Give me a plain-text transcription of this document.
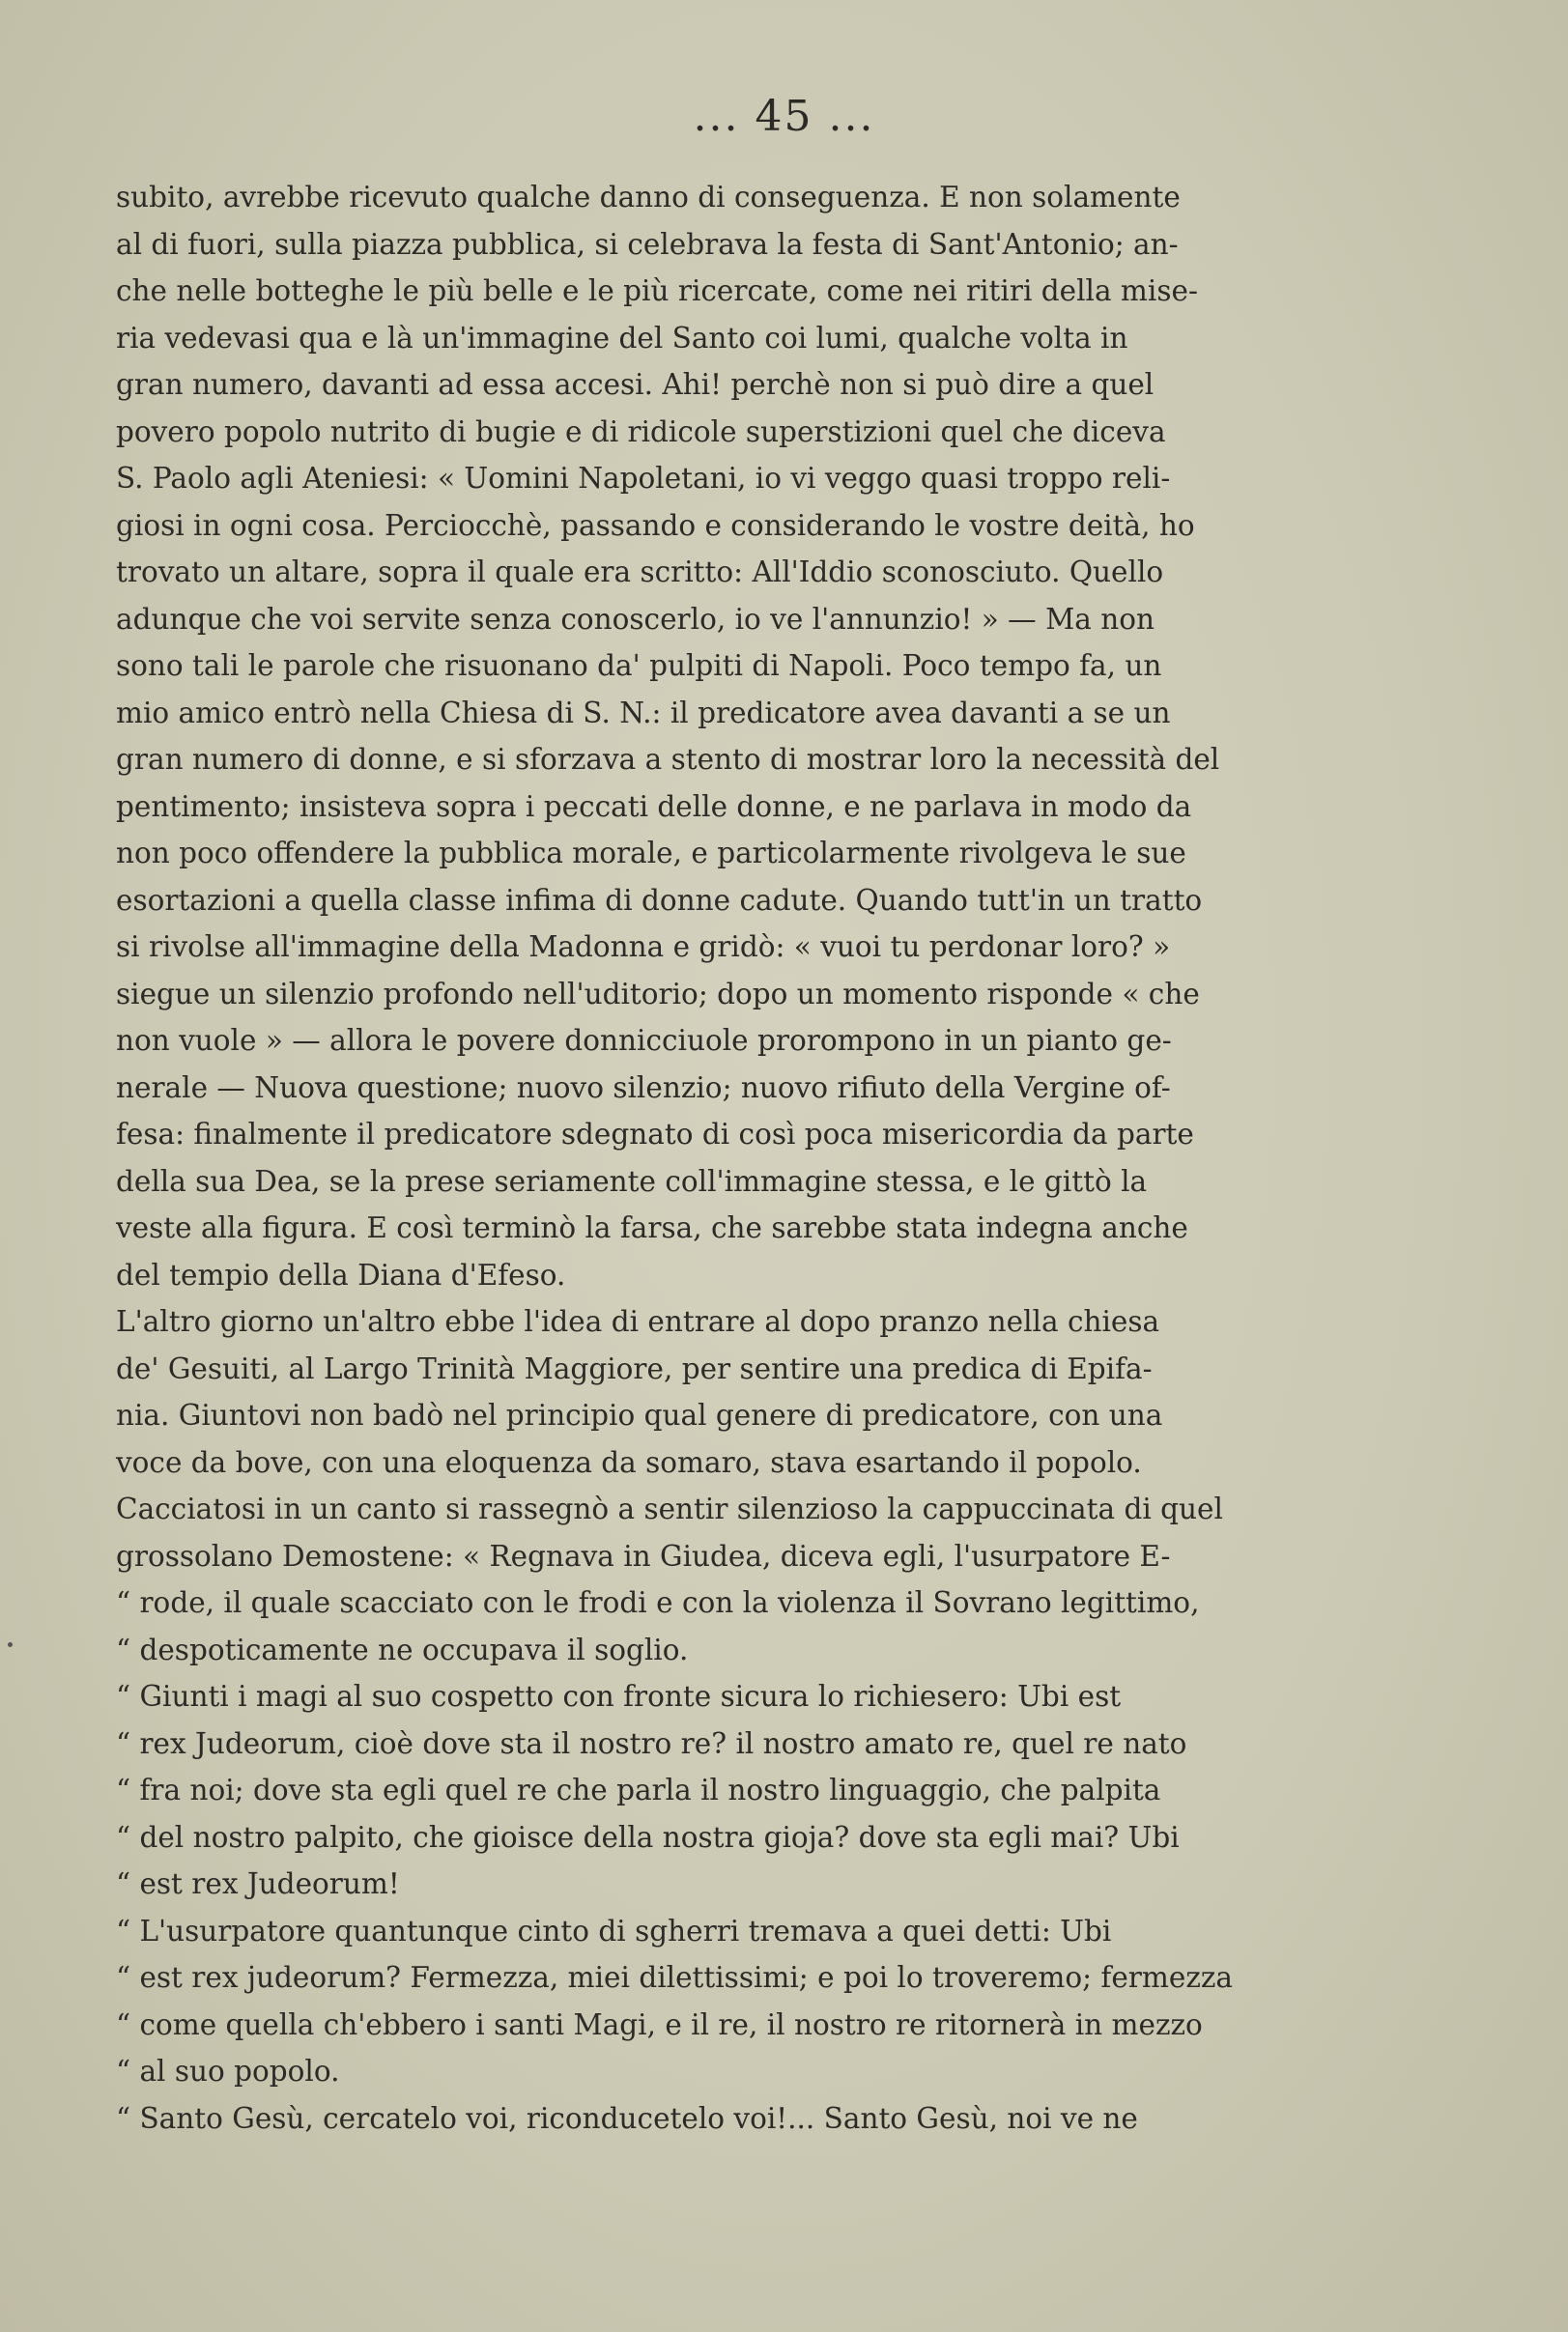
... 45 ...
subito, avrebbe ricevuto qualche danno di conseguenza. E non solamente
al di fuori, sulla piazza pubblica, si celebrava la festa di Sant'Antonio; an-
che nelle botteghe le più belle e le più ricercate, come nei ritiri della mise-
ria vedevasi qua e là un'immagine del Santo coi lumi, qualche volta in
gran numero, davanti ad essa accesi. Ahi! perchè non si può dire a quel
povero popolo nutrito di bugie e di ridicole superstizioni quel che diceva
S. Paolo agli Ateniesi: « Uomini Napoletani, io vi veggo quasi troppo reli-
giosi in ogni cosa. Perciocchè, passando e considerando le vostre deità, ho
trovato un altare, sopra il quale era scritto: All'Iddio sconosciuto. Quello
adunque che voi servite senza conoscerlo, io ve l'annunzio! » — Ma non
sono tali le parole che risuonano da' pulpiti di Napoli. Poco tempo fa, un
mio amico entrò nella Chiesa di S. N.: il predicatore avea davanti a se un
gran numero di donne, e si sforzava a stento di mostrar loro la necessità del
pentimento; insisteva sopra i peccati delle donne, e ne parlava in modo da
non poco offendere la pubblica morale, e particolarmente rivolgeva le sue
esortazioni a quella classe infima di donne cadute. Quando tutt'in un tratto
si rivolse all'immagine della Madonna e gridò: « vuoi tu perdonar loro? »
siegue un silenzio profondo nell'uditorio; dopo un momento risponde « che
non vuole » — allora le povere donnicciuole prorompono in un pianto ge-
nerale — Nuova questione; nuovo silenzio; nuovo rifiuto della Vergine of-
fesa: finalmente il predicatore sdegnato di così poca misericordia da parte
della sua Dea, se la prese seriamente coll'immagine stessa, e le gittò la
veste alla figura. E così terminò la farsa, che sarebbe stata indegna anche
del tempio della Diana d'Efeso.
L'altro giorno un'altro ebbe l'idea di entrare al dopo pranzo nella chiesa
de' Gesuiti, al Largo Trinità Maggiore, per sentire una predica di Epifa-
nia. Giuntovi non badò nel principio qual genere di predicatore, con una
voce da bove, con una eloquenza da somaro, stava esartando il popolo.
Cacciatosi in un canto si rassegnò a sentir silenzioso la cappuccinata di quel
grossolano Demostene: « Regnava in Giudea, diceva egli, l'usurpatore E-
“ rode, il quale scacciato con le frodi e con la violenza il Sovrano legittimo,
“ despoticamente ne occupava il soglio.
“ Giunti i magi al suo cospetto con fronte sicura lo richiesero: Ubi est
“ rex Judeorum, cioè dove sta il nostro re? il nostro amato re, quel re nato
“ fra noi; dove sta egli quel re che parla il nostro linguaggio, che palpita
“ del nostro palpito, che gioisce della nostra gioja? dove sta egli mai? Ubi
“ est rex Judeorum!
“ L'usurpatore quantunque cinto di sgherri tremava a quei detti: Ubi
“ est rex judeorum? Fermezza, miei dilettissimi; e poi lo troveremo; fermezza
“ come quella ch'ebbero i santi Magi, e il re, il nostro re ritornerà in mezzo
“ al suo popolo.
“ Santo Gesù, cercatelo voi, riconducetelo voi!... Santo Gesù, noi ve ne
